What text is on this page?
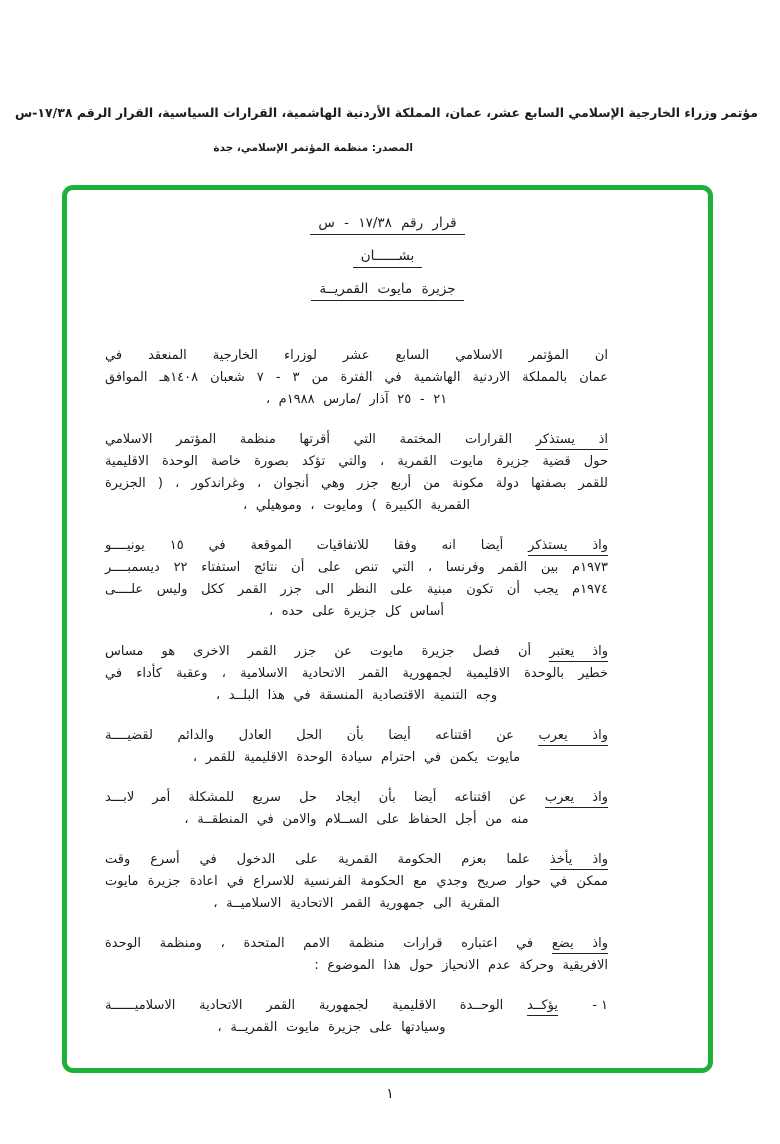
مؤتمر وزراء الخارجية الإسلامي السابع عشر، عمان، المملكة الأردنية الهاشمية، القرارات السياسية، القرار الرقم ١٧/٣٨-س
المصدر: منظمة المؤتمر الإسلامي، جدة
قرار رقم ١٧/٣٨ - س
بشــــــان
جزيرة مايوت القمريــة
ان المؤتمر الاسلامي السابع عشر لوزراء الخارجية المنعقد في
عمان بالمملكة الاردنية الهاشمية في الفترة من ٣ - ٧ شعبان ١٤٠٨هـ الموافق
٢١ - ٢٥ آذار /مارس ١٩٨٨م ،
اذ يستذكر القرارات المختمة التي أقرتها منظمة المؤتمر الاسلامي
حول قضية جزيرة مايوت القمرية ، والتي تؤكد بصورة خاصة الوحدة الاقليمية
للقمر بصفتها دولة مكونة من أربع جزر وهي أنجوان ، وغراندكور ، ( الجزيرة
القمرية الكبيرة ) ومايوت ، وموهيلي ،
واذ يستذكر أيضا انه وفقا للاتفاقيات الموقعة في ١٥ يونيــــو
١٩٧٣م بين القمر وفرنسا ، التي تنص على أن نتائج استفتاء ٢٢ ديسمبــــر
١٩٧٤م يجب أن تكون مبنية على النظر الى جزر القمر ككل وليس علــــى
أساس كل جزيرة على حده ،
واذ يعتبر أن فصل جزيرة مايوت عن جزر القمر الاخرى هو مساس
خطير بالوحدة الاقليمية لجمهورية القمر الاتحادية الاسلامية ، وعقبة كأداء في
وجه التنمية الاقتصادية المنسقة في هذا البلــد ،
واذ يعرب عن اقتناعه أيضا بأن الحل العادل والدائم لقضيــــة
مايوت يكمن في احترام سيادة الوحدة الاقليمية للقمر ،
واذ يعرب عن اقتناعه أيضا بأن ايجاد حل سريع للمشكلة أمر لابـــد
منه من أجل الحفاظ على الســلام والامن في المنطقــة ،
واذ يأخذ علما بعزم الحكومة القمرية على الدخول في أسرع وقت
ممكن في حوار صريح وجدي مع الحكومة الفرنسية للاسراع في اعادة جزيرة مايوت
المقرية الى جمهورية القمر الاتحادية الاسلاميــة ،
واذ يضع في اعتباره قرارات منظمة الامم المتحدة ، ومنظمة الوحدة
الافريقية وحركة عدم الانحياز حول هذا الموضوع :
١ -
يؤكــد الوحــدة الاقليمية لجمهورية القمر الاتحادية الاسلاميــــــة
وسيادتها على جزيرة مايوت القمريــة ،
١
